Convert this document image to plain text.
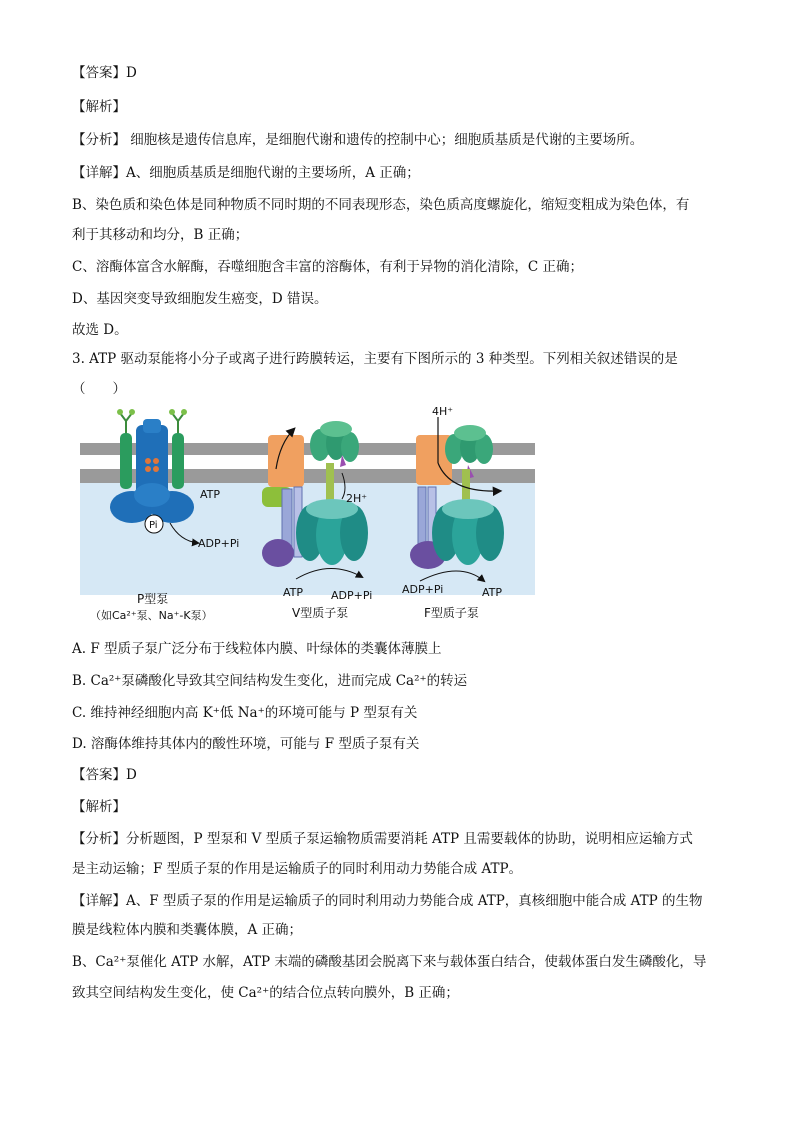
【答案】D
【解析】
【分析】 细胞核是遗传信息库，是细胞代谢和遗传的控制中心；细胞质基质是代谢的主要场所。
【详解】A、细胞质基质是细胞代谢的主要场所，A 正确；
B、染色质和染色体是同种物质不同时期的不同表现形态，染色质高度螺旋化，缩短变粗成为染色体，有
利于其移动和均分，B 正确；
C、溶酶体富含水解酶，吞噬细胞含丰富的溶酶体，有利于异物的消化清除，C 正确；
D、基因突变导致细胞发生癌变，D 错误。
故选 D。
3. ATP 驱动泵能将小分子或离子进行跨膜转运，主要有下图所示的 3 种类型。下列相关叙述错误的是
（　　）
ATP
Pi
ADP+Pi
2H⁺
ATP	ADP+Pi
4H⁺
ADP+Pi	ATP
P型泵
（如Ca²⁺泵、Na⁺-K泵）	V型质子泵	F型质子泵
A. F 型质子泵广泛分布于线粒体内膜、叶绿体的类囊体薄膜上
B. Ca²⁺泵磷酸化导致其空间结构发生变化，进而完成 Ca²⁺的转运
C. 维持神经细胞内高 K⁺低 Na⁺的环境可能与 P 型泵有关
D. 溶酶体维持其体内的酸性环境，可能与 F 型质子泵有关
【答案】D
【解析】
【分析】分析题图，P 型泵和 V 型质子泵运输物质需要消耗 ATP 且需要载体的协助，说明相应运输方式
是主动运输；F 型质子泵的作用是运输质子的同时利用动力势能合成 ATP。
【详解】A、F 型质子泵的作用是运输质子的同时利用动力势能合成 ATP，真核细胞中能合成 ATP 的生物
膜是线粒体内膜和类囊体膜，A 正确；
B、Ca²⁺泵催化 ATP 水解，ATP 末端的磷酸基团会脱离下来与载体蛋白结合，使载体蛋白发生磷酸化，导
致其空间结构发生变化，使 Ca²⁺的结合位点转向膜外，B 正确；
